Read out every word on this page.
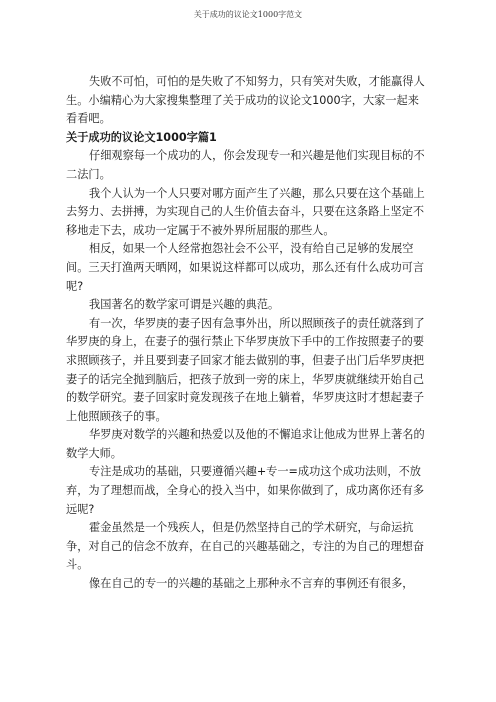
关于成功的议论文1000字范文

失败不可怕，可怕的是失败了不知努力，只有笑对失败，才能赢得人生。小编精心为大家搜集整理了关于成功的议论文1000字，大家一起来看看吧。

关于成功的议论文1000字篇1

仔细观察每一个成功的人，你会发现专一和兴趣是他们实现目标的不二法门。

我个人认为一个人只要对哪方面产生了兴趣，那么只要在这个基础上去努力、去拼搏，为实现自己的人生价值去奋斗，只要在这条路上坚定不移地走下去，成功一定属于不被外界所屈服的那些人。

相反，如果一个人经常抱怨社会不公平，没有给自己足够的发展空间。三天打渔两天晒网，如果说这样都可以成功，那么还有什么成功可言呢?

我国著名的数学家可谓是兴趣的典范。

有一次，华罗庚的妻子因有急事外出，所以照顾孩子的责任就落到了华罗庚的身上，在妻子的强行禁止下华罗庚放下手中的工作按照妻子的要求照顾孩子，并且要到妻子回家才能去做别的事，但妻子出门后华罗庚把妻子的话完全抛到脑后，把孩子放到一旁的床上，华罗庚就继续开始自己的数学研究。妻子回家时竟发现孩子在地上躺着，华罗庚这时才想起妻子上他照顾孩子的事。

华罗庚对数学的兴趣和热爱以及他的不懈追求让他成为世界上著名的数学大师。

专注是成功的基础，只要遵循兴趣+专一=成功这个成功法则，不放弃，为了理想而战，全身心的投入当中，如果你做到了，成功离你还有多远呢?

霍金虽然是一个残疾人，但是仍然坚持自己的学术研究，与命运抗争，对自己的信念不放弃，在自己的兴趣基础之，专注的为自己的理想奋斗。

像在自己的专一的兴趣的基础之上那种永不言弃的事例还有很多，
